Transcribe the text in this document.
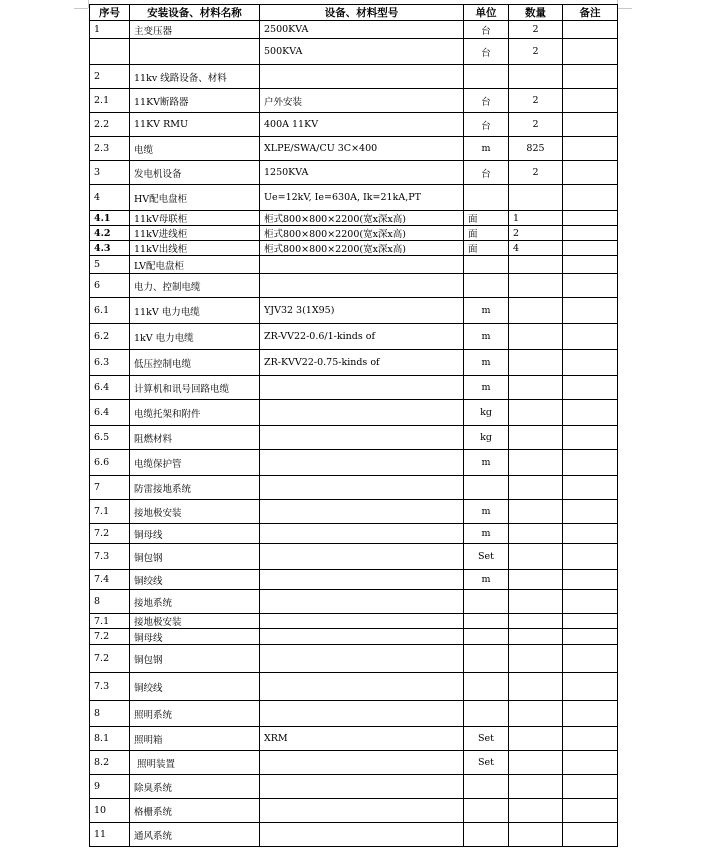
序号	安装设备、材料名称	设备、材料型号	单位	数量	备注
1	主变压器	2500KVA	台	2	
		500KVA	台	2	
2	11kv 线路设备、材料				
2.1	11KV断路器	户外安装	台	2	
2.2	11KV RMU	400A 11KV	台	2	
2.3	电缆	XLPE/SWA/CU 3C×400	m	825	
3	发电机设备	1250KVA	台	2	
4	HV配电盘柜	Ue=12kV, Ie=630A, Ik=21kA,PT			
4.1	11kV母联柜	柜式800×800×2200(宽x深x高)	面	1	
4.2	11kV进线柜	柜式800×800×2200(宽x深x高)	面	2	
4.3	11kV出线柜	柜式800×800×2200(宽x深x高)	面	4	
5	LV配电盘柜				
6	电力、控制电缆				
6.1	11kV 电力电缆	YJV32 3(1X95)	m		
6.2	1kV 电力电缆	ZR-VV22-0.6/1-kinds of	m		
6.3	低压控制电缆	ZR-KVV22-0.75-kinds of	m		
6.4	计算机和讯号回路电缆		m		
6.4	电缆托架和附件		kg		
6.5	阻燃材料		kg		
6.6	电缆保护管		m		
7	防雷接地系统				
7.1	接地极安装		m		
7.2	铜母线		m		
7.3	铜包钢		Set		
7.4	铜绞线		m		
8	接地系统				
7.1	接地极安装				
7.2	铜母线				
7.2	铜包钢				
7.3	铜绞线				
8	照明系统				
8.1	照明箱	XRM	Set		
8.2	照明装置		Set		
9	除臭系统				
10	格栅系统				
11	通风系统				
